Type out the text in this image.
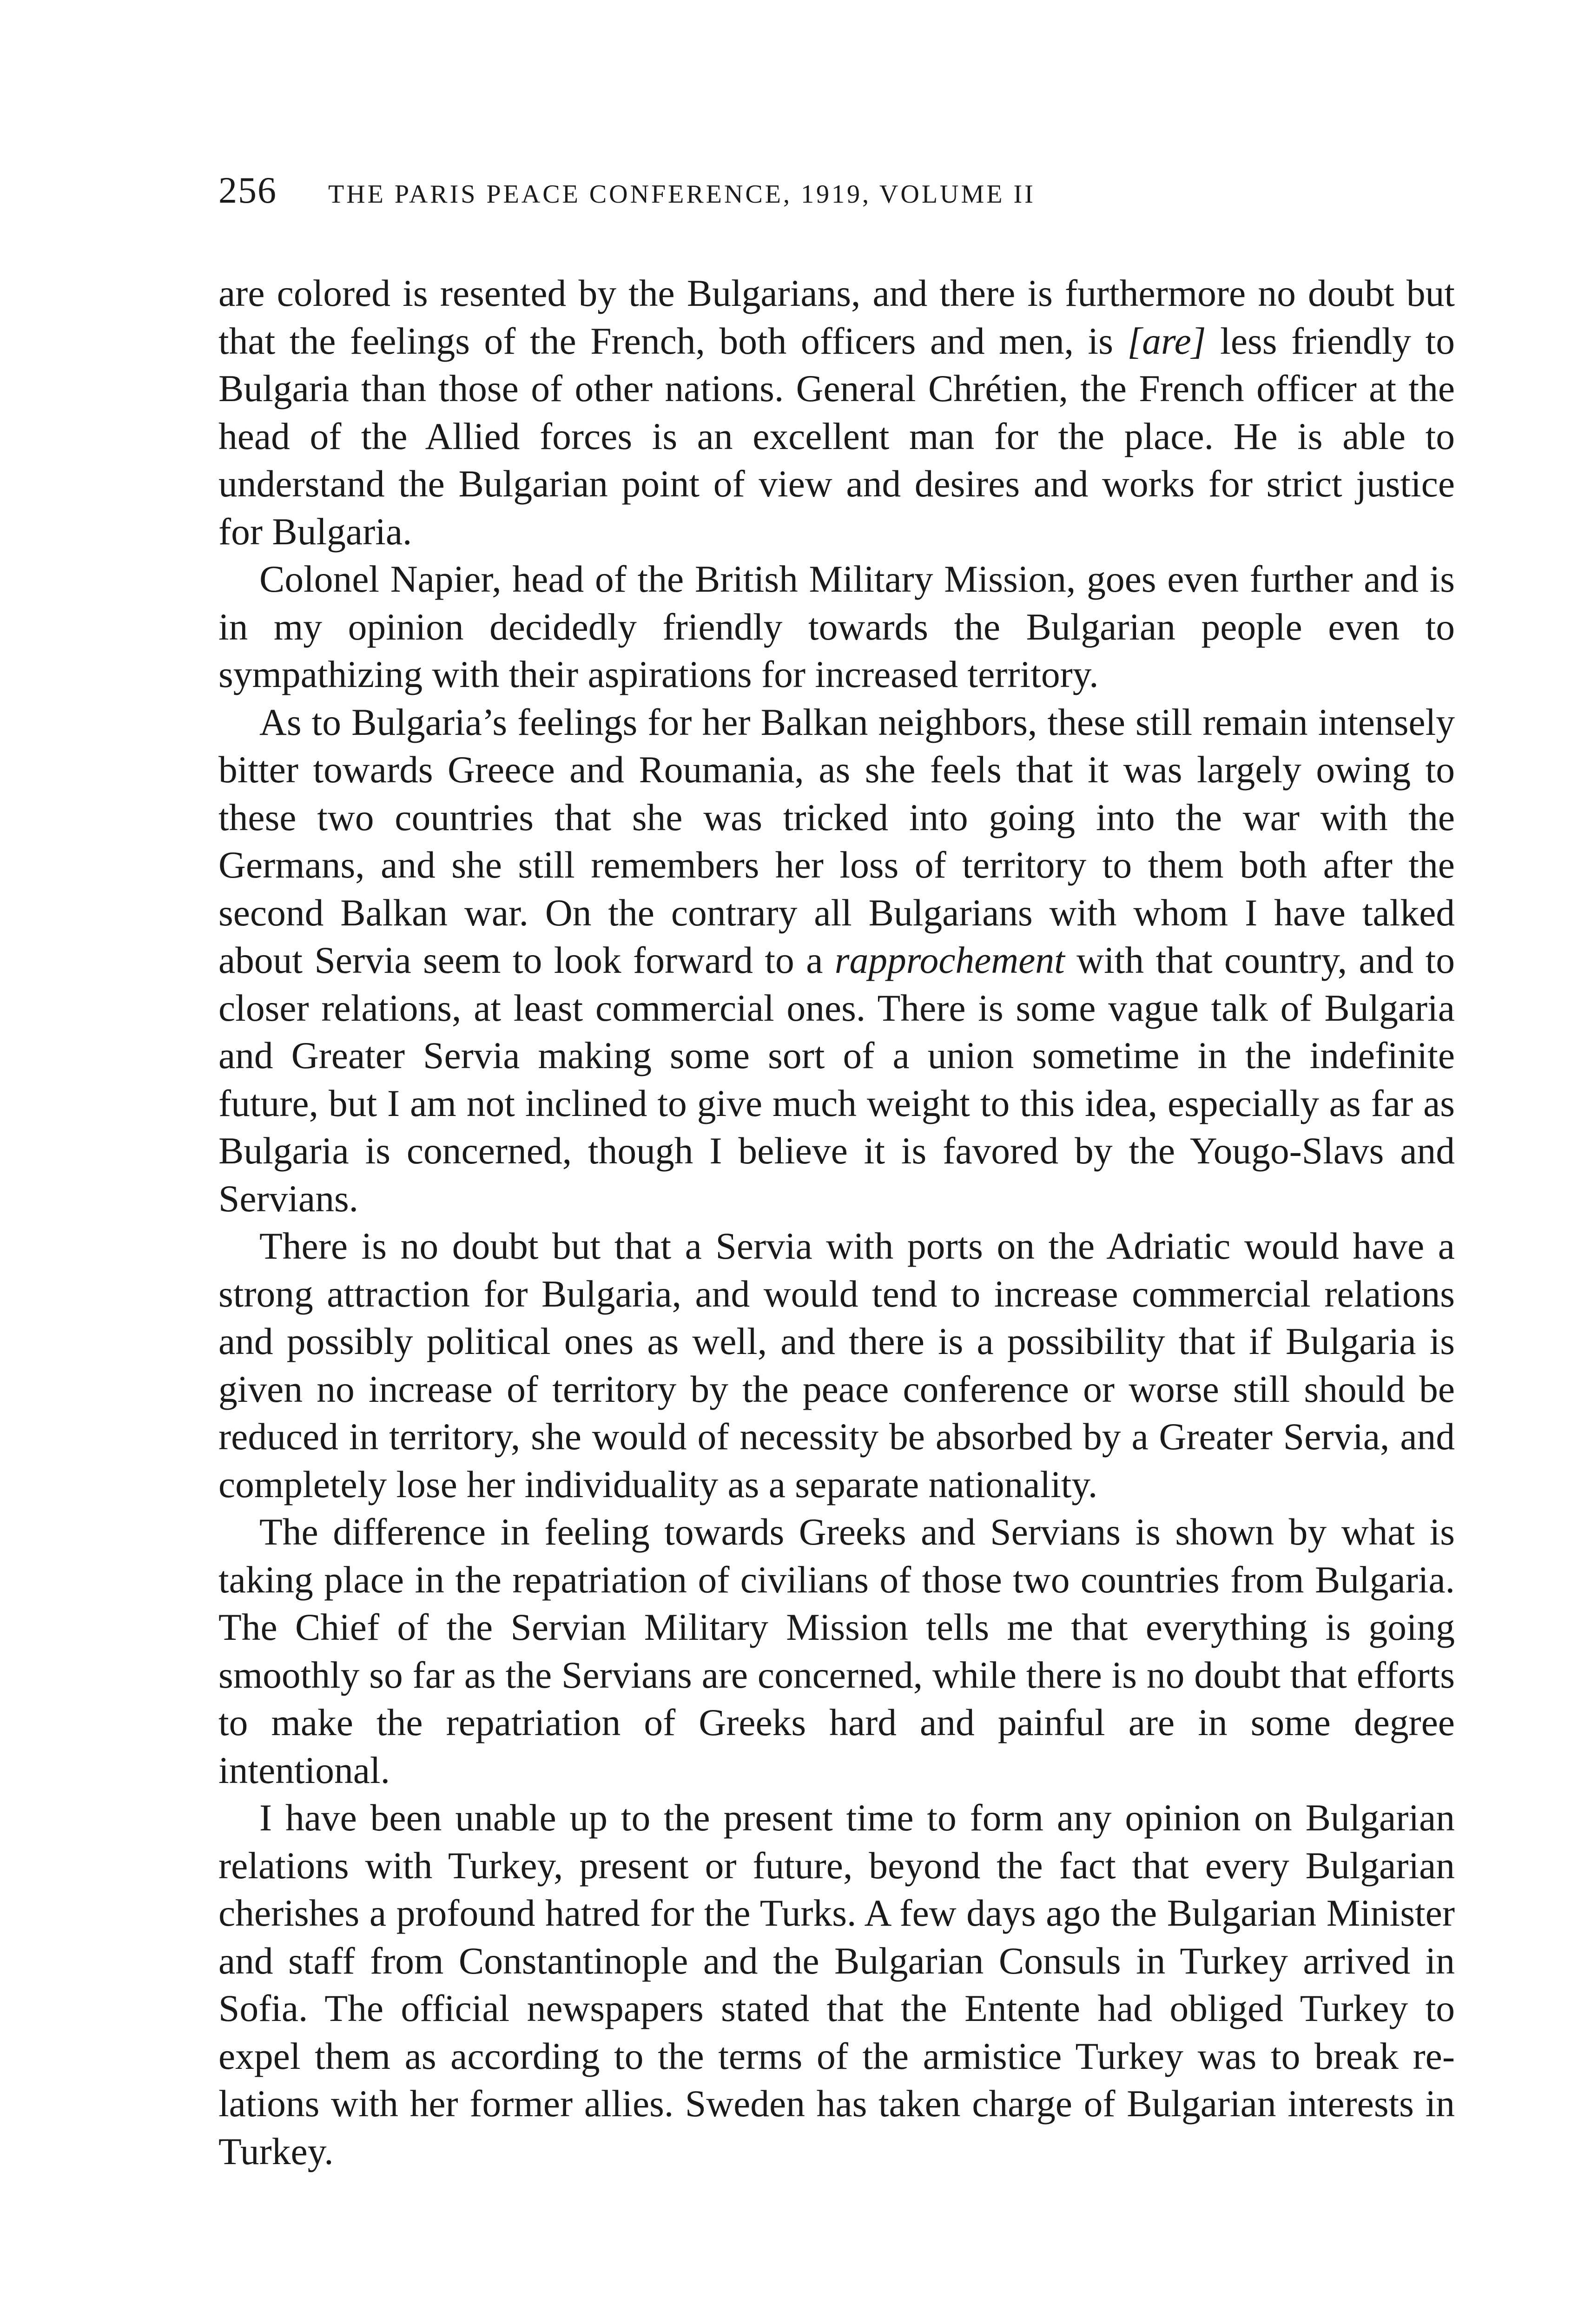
256 THE PARIS PEACE CONFERENCE, 1919, VOLUME II

are colored is resented by the Bulgarians, and there is furthermore no doubt but that the feelings of the French, both officers and men, is [are] less friendly to Bulgaria than those of other nations. General Chrétien, the French officer at the head of the Allied forces is an excellent man for the place. He is able to understand the Bulgarian point of view and desires and works for strict justice for Bulgaria.

Colonel Napier, head of the British Military Mission, goes even further and is in my opinion decidedly friendly towards the Bulgarian people even to sympathizing with their aspirations for increased territory.

As to Bulgaria’s feelings for her Balkan neighbors, these still remain intensely bitter towards Greece and Roumania, as she feels that it was largely owing to these two countries that she was tricked into going into the war with the Germans, and she still remembers her loss of territory to them both after the second Balkan war. On the contrary all Bulgarians with whom I have talked about Servia seem to look forward to a rapprochement with that country, and to closer relations, at least commercial ones. There is some vague talk of Bulgaria and Greater Servia making some sort of a union sometime in the indefinite future, but I am not inclined to give much weight to this idea, especially as far as Bulgaria is concerned, though I believe it is favored by the Yougo-Slavs and Servians.

There is no doubt but that a Servia with ports on the Adriatic would have a strong attraction for Bulgaria, and would tend to increase commercial relations and possibly political ones as well, and there is a possibility that if Bulgaria is given no increase of territory by the peace conference or worse still should be reduced in territory, she would of necessity be absorbed by a Greater Servia, and completely lose her individuality as a separate nationality.

The difference in feeling towards Greeks and Servians is shown by what is taking place in the repatriation of civilians of those two countries from Bulgaria. The Chief of the Servian Military Mission tells me that everything is going smoothly so far as the Servians are concerned, while there is no doubt that efforts to make the repatriation of Greeks hard and painful are in some degree intentional.

I have been unable up to the present time to form any opinion on Bulgarian relations with Turkey, present or future, beyond the fact that every Bulgarian cherishes a profound hatred for the Turks. A few days ago the Bulgarian Minister and staff from Constantinople and the Bulgarian Consuls in Turkey arrived in Sofia. The official newspapers stated that the Entente had obliged Turkey to expel them as according to the terms of the armistice Turkey was to break relations with her former allies. Sweden has taken charge of Bulgarian interests in Turkey.
